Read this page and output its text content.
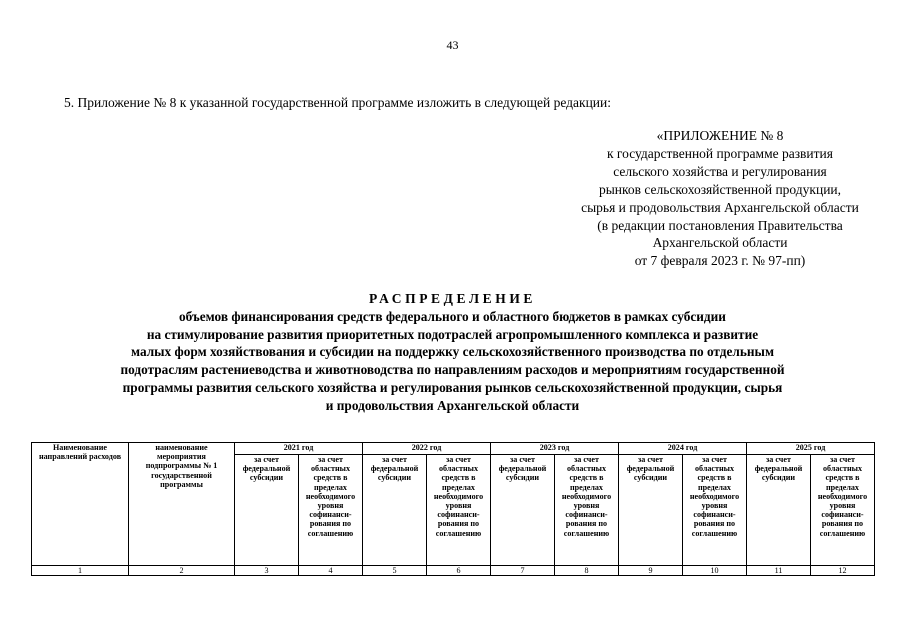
43
5. Приложение № 8 к указанной государственной программе изложить в следующей редакции:
«ПРИЛОЖЕНИЕ № 8
к государственной программе развития
сельского хозяйства и регулирования
рынков сельскохозяйственной продукции,
сырья и продовольствия Архангельской области
(в редакции постановления Правительства
Архангельской области
от 7 февраля 2023 г. № 97-пп)
РАСПРЕДЕЛЕНИЕ
объемов финансирования средств федерального и областного бюджетов в рамках субсидии
на стимулирование развития приоритетных подотраслей агропромышленного комплекса и развитие
малых форм хозяйствования и субсидии на поддержку сельскохозяйственного производства по отдельным
подотраслям растениеводства и животноводства по направлениям расходов и мероприятиям государственной
программы развития сельского хозяйства и регулирования рынков сельскохозяйственной продукции, сырья
и продовольствия Архангельской области
Наименование направлений расходов	наименование мероприятия подпрограммы № 1 государственной программы	2021 год		2022 год		2023 год		2024 год		2025 год	
		за счет федеральной субсидии	за счет областных средств в пределах необходимого уровня софинанси-рования по соглашению	за счет федеральной субсидии	за счет областных средств в пределах необходимого уровня софинанси-рования по соглашению	за счет федеральной субсидии	за счет областных средств в пределах необходимого уровня софинанси-рования по соглашению	за счет федеральной субсидии	за счет областных средств в пределах необходимого уровня софинанси-рования по соглашению	за счет федеральной субсидии	за счет областных средств в пределах необходимого уровня софинанси-рования по соглашению
1	2	3	4	5	6	7	8	9	10	11	12
